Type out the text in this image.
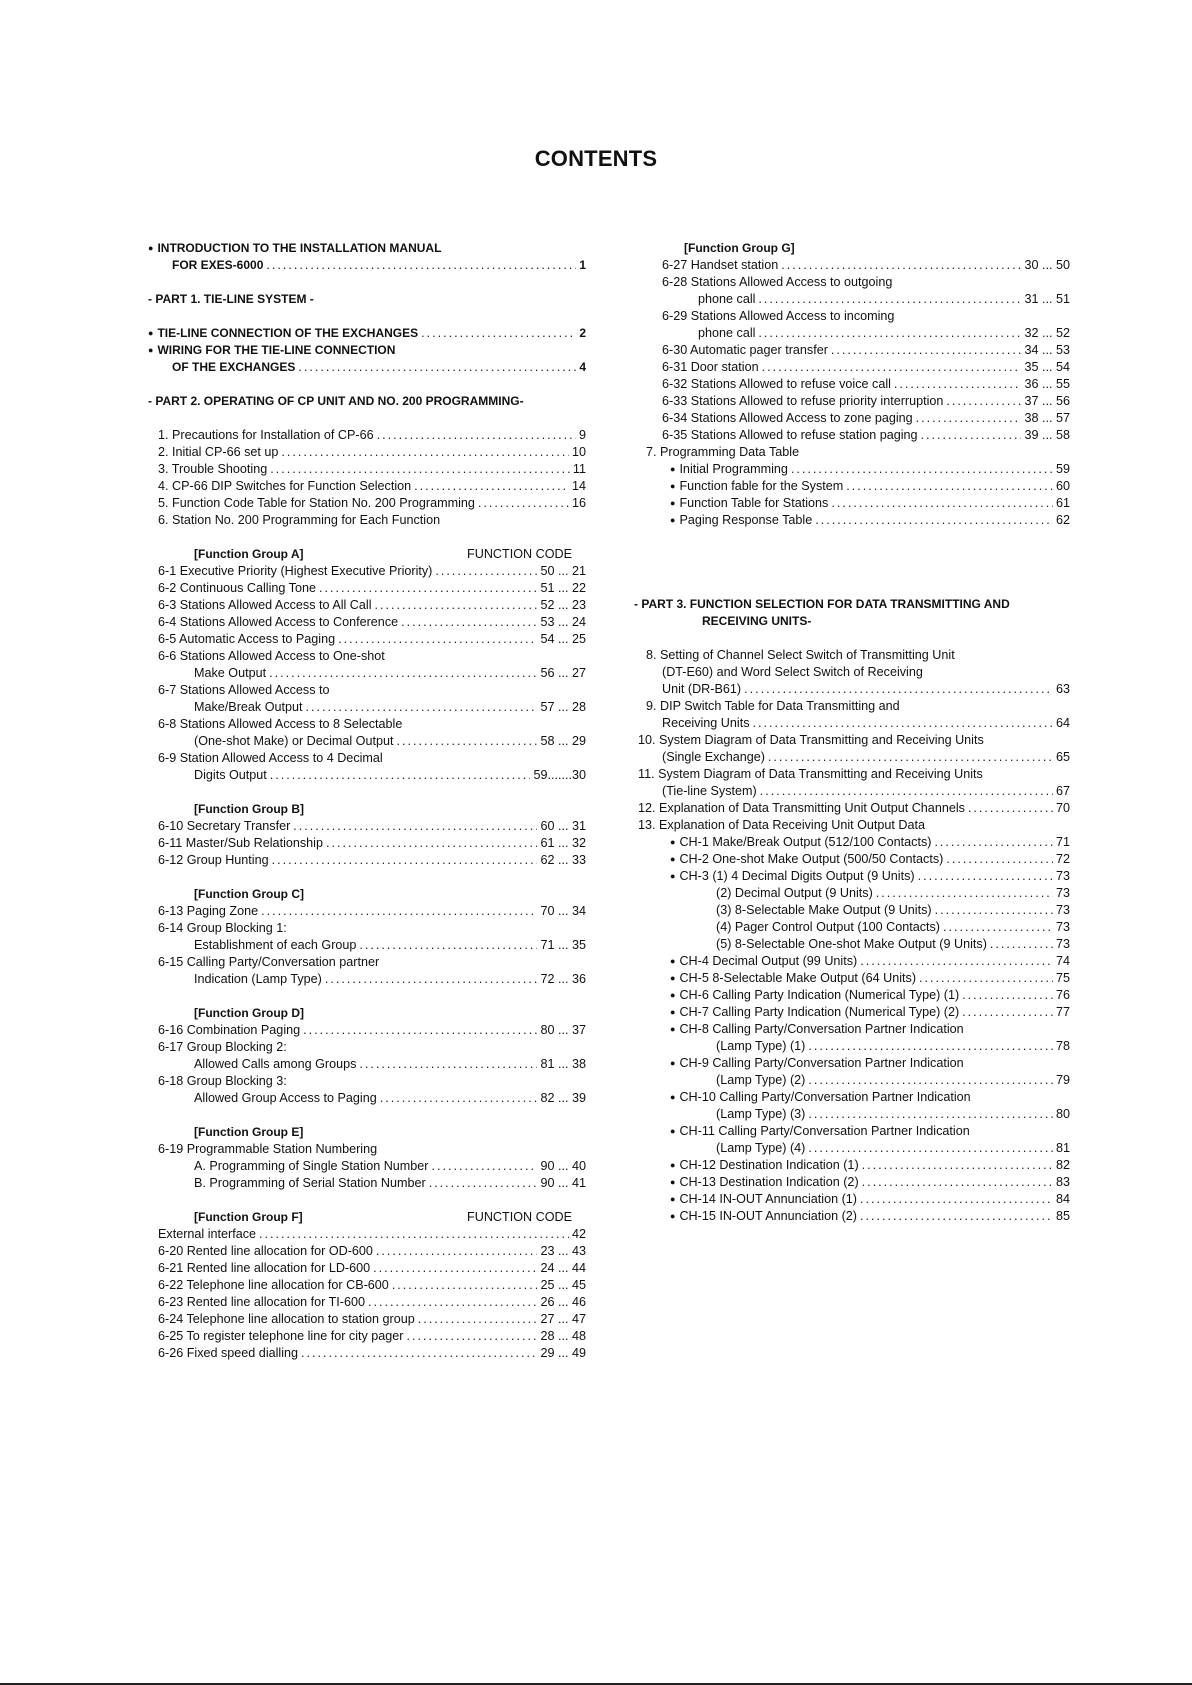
CONTENTS
● INTRODUCTION TO THE INSTALLATION MANUAL
FOR EXES-6000 .....	1
- PART 1. TIE-LINE SYSTEM -
● TIE-LINE CONNECTION OF THE EXCHANGES .....	2
● WIRING FOR THE TIE-LINE CONNECTION
OF THE EXCHANGES .....	4
- PART 2. OPERATING OF CP UNIT AND NO. 200 PROGRAMMING-
1. Precautions for Installation of CP-66 .....	9
2. Initial CP-66 set up .....	10
3. Trouble Shooting .....	11
4. CP-66 DIP Switches for Function Selection .....	14
5. Function Code Table for Station No. 200 Programming .....	16
6. Station No. 200 Programming for Each Function
[Function Group A]	FUNCTION CODE
6-1 Executive Priority (Highest Executive Priority) .....	50 ... 21
6-2 Continuous Calling Tone .....	51 ... 22
6-3 Stations Allowed Access to All Call .....	52 ... 23
6-4 Stations Allowed Access to Conference .....	53 ... 24
6-5 Automatic Access to Paging .....	54 ... 25
6-6 Stations Allowed Access to One-shot
Make Output .....	56 ... 27
6-7 Stations Allowed Access to
Make/Break Output .....	57 ... 28
6-8 Stations Allowed Access to 8 Selectable
(One-shot Make) or Decimal Output .....	58 ... 29
6-9 Station Allowed Access to 4 Decimal
Digits Output .....	59.......30
[Function Group B]
6-10 Secretary Transfer .....	60 ... 31
6-11 Master/Sub Relationship .....	61 ... 32
6-12 Group Hunting .....	62 ... 33
[Function Group C]
6-13 Paging Zone .....	70 ... 34
6-14 Group Blocking 1:
Establishment of each Group .....	71 ... 35
6-15 Calling Party/Conversation partner
Indication (Lamp Type) .....	72 ... 36
[Function Group D]
6-16 Combination Paging .....	80 ... 37
6-17 Group Blocking 2:
Allowed Calls among Groups .....	81 ... 38
6-18 Group Blocking 3:
Allowed Group Access to Paging .....	82 ... 39
[Function Group E]
6-19 Programmable Station Numbering
A. Programming of Single Station Number .....	90 ... 40
B. Programming of Serial Station Number .....	90 ... 41
[Function Group F]	FUNCTION CODE
External interface .....	42
6-20 Rented line allocation for OD-600 .....	23 ... 43
6-21 Rented line allocation for LD-600 .....	24 ... 44
6-22 Telephone line allocation for CB-600 .....	25 ... 45
6-23 Rented line allocation for TI-600 .....	26 ... 46
6-24 Telephone line allocation to station group .....	27 ... 47
6-25 To register telephone line for city pager .....	28 ... 48
6-26 Fixed speed dialling .....	29 ... 49
[Function Group G]
6-27 Handset station .....	30 ... 50
6-28 Stations Allowed Access to outgoing
phone call .....	31 ... 51
6-29 Stations Allowed Access to incoming
phone call .....	32 ... 52
6-30 Automatic pager transfer .....	34 ... 53
6-31 Door station .....	35 ... 54
6-32 Stations Allowed to refuse voice call .....	36 ... 55
6-33 Stations Allowed to refuse priority interruption .....	37 ... 56
6-34 Stations Allowed Access to zone paging .....	38 ... 57
6-35 Stations Allowed to refuse station paging .....	39 ... 58
7. Programming Data Table
● Initial Programming .....	59
● Function fable for the System .....	60
● Function Table for Stations .....	61
● Paging Response Table .....	62
- PART 3. FUNCTION SELECTION FOR DATA TRANSMITTING AND
RECEIVING UNITS-
8. Setting of Channel Select Switch of Transmitting Unit
(DT-E60) and Word Select Switch of Receiving
Unit (DR-B61) .....	63
9. DIP Switch Table for Data Transmitting and
Receiving Units .....	64
10. System Diagram of Data Transmitting and Receiving Units
(Single Exchange) .....	65
11. System Diagram of Data Transmitting and Receiving Units
(Tie-line System) .....	67
12. Explanation of Data Transmitting Unit Output Channels .....	70
13. Explanation of Data Receiving Unit Output Data
● CH-1 Make/Break Output (512/100 Contacts) .....	71
● CH-2 One-shot Make Output (500/50 Contacts) .....	72
● CH-3 (1) 4 Decimal Digits Output (9 Units) .....	73
(2) Decimal Output (9 Units) .....	73
(3) 8-Selectable Make Output (9 Units) .....	73
(4) Pager Control Output (100 Contacts) .....	73
(5) 8-Selectable One-shot Make Output (9 Units) .....	73
● CH-4 Decimal Output (99 Units) .....	74
● CH-5 8-Selectable Make Output (64 Units) .....	75
● CH-6 Calling Party Indication (Numerical Type) (1) .....	76
● CH-7 Calling Party Indication (Numerical Type) (2) .....	77
● CH-8 Calling Party/Conversation Partner Indication
(Lamp Type) (1) .....	78
● CH-9 Calling Party/Conversation Partner Indication
(Lamp Type) (2) .....	79
● CH-10 Calling Party/Conversation Partner Indication
(Lamp Type) (3) .....	80
● CH-11 Calling Party/Conversation Partner Indication
(Lamp Type) (4) .....	81
● CH-12 Destination Indication (1) .....	82
● CH-13 Destination Indication (2) .....	83
● CH-14 IN-OUT Annunciation (1) .....	84
● CH-15 IN-OUT Annunciation (2) .....	85
